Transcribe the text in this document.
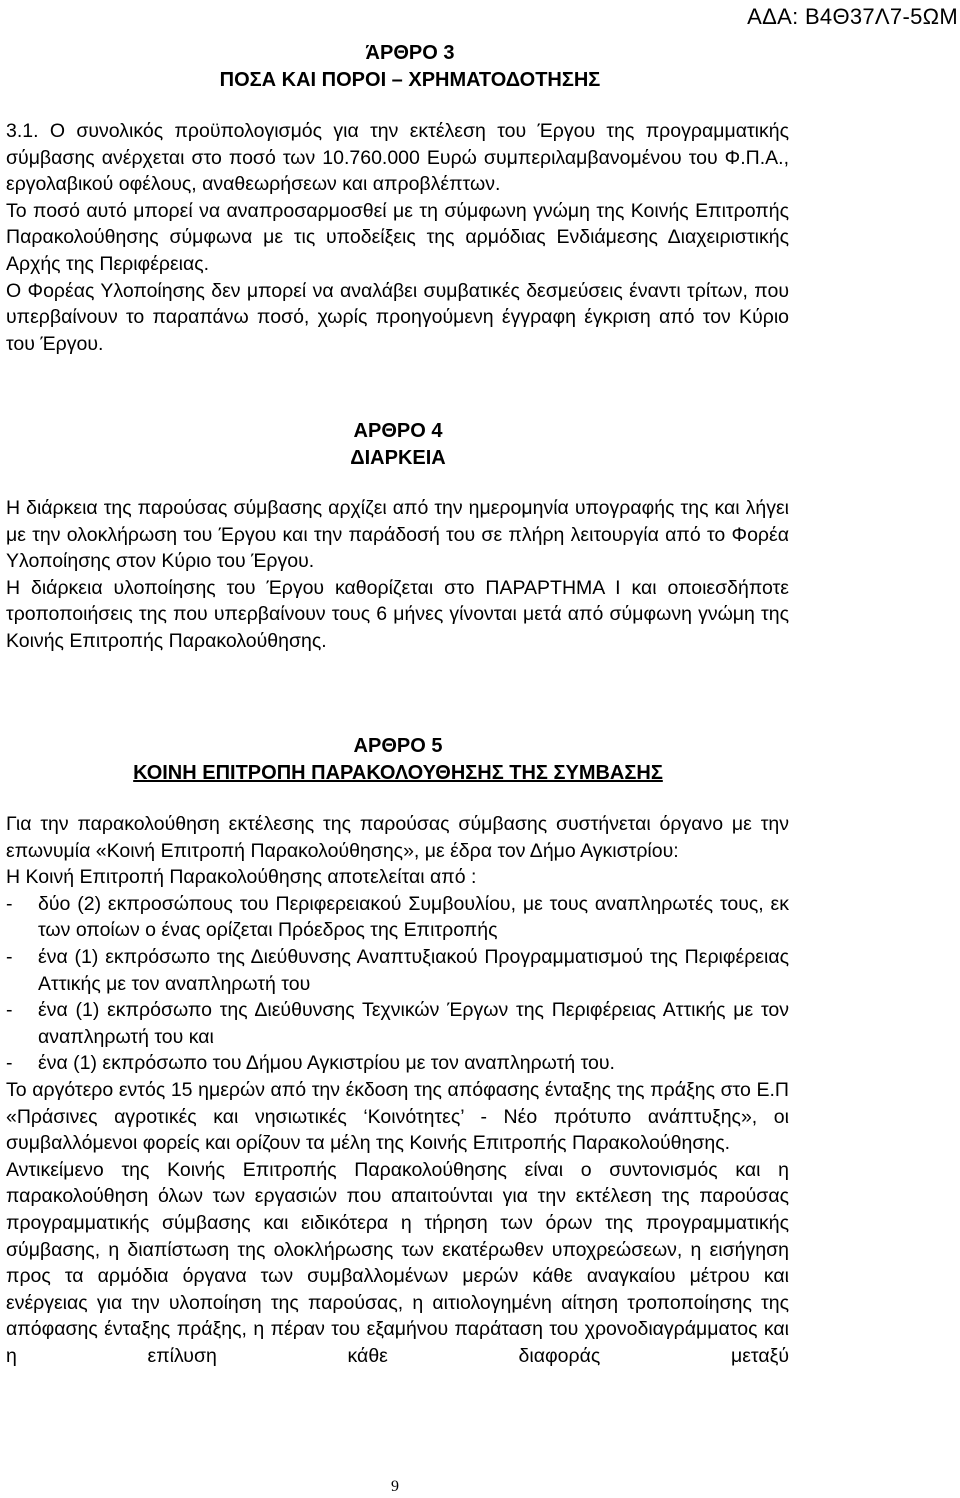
ΑΔΑ: Β4Θ37Λ7-5ΩΜ
ΆΡΘΡΟ 3
ΠΟΣΑ ΚΑΙ ΠΟΡΟΙ – ΧΡΗΜΑΤΟΔΟΤΗΣΗΣ

3.1. Ο συνολικός προϋπολογισμός για την εκτέλεση του Έργου της προγραμματικής σύμβασης ανέρχεται στο ποσό των 10.760.000 Ευρώ συμπεριλαμβανομένου του Φ.Π.Α., εργολαβικού οφέλους, αναθεωρήσεων και απροβλέπτων.

Το ποσό αυτό μπορεί να αναπροσαρμοσθεί με τη σύμφωνη γνώμη της Κοινής Επιτροπής Παρακολούθησης σύμφωνα με τις υποδείξεις της αρμόδιας Ενδιάμεσης Διαχειριστικής Αρχής της Περιφέρειας.

Ο Φορέας Υλοποίησης δεν μπορεί να αναλάβει συμβατικές δεσμεύσεις έναντι τρίτων, που υπερβαίνουν το παραπάνω ποσό, χωρίς προηγούμενη έγγραφη έγκριση από τον Κύριο του Έργου.

ΑΡΘΡΟ 4
ΔΙΑΡΚΕΙΑ

Η διάρκεια της παρούσας σύμβασης αρχίζει από την ημερομηνία υπογραφής της και λήγει με την ολοκλήρωση του Έργου και την παράδοσή του σε πλήρη λειτουργία από το Φορέα Υλοποίησης στον Κύριο του Έργου.

Η διάρκεια υλοποίησης του Έργου καθορίζεται στο ΠΑΡΑΡΤΗΜΑ Ι και οποιεσδήποτε τροποποιήσεις της που υπερβαίνουν τους 6 μήνες γίνονται μετά από σύμφωνη γνώμη της Κοινής Επιτροπής Παρακολούθησης.

ΑΡΘΡΟ 5
ΚΟΙΝΗ ΕΠΙΤΡΟΠΗ ΠΑΡΑΚΟΛΟΥΘΗΣΗΣ ΤΗΣ ΣΥΜΒΑΣΗΣ

Για την παρακολούθηση εκτέλεσης της παρούσας σύμβασης συστήνεται όργανο με την επωνυμία «Κοινή Επιτροπή Παρακολούθησης», με έδρα τον Δήμο Αγκιστρίου:

Η Κοινή Επιτροπή Παρακολούθησης αποτελείται από :

-	δύο (2) εκπροσώπους του Περιφερειακού Συμβουλίου, με τους αναπληρωτές τους, εκ των οποίων ο ένας ορίζεται Πρόεδρος της Επιτροπής
-	ένα (1) εκπρόσωπο της Διεύθυνσης Αναπτυξιακού Προγραμματισμού της Περιφέρειας Αττικής με τον αναπληρωτή του
-	ένα (1) εκπρόσωπο της Διεύθυνσης Τεχνικών Έργων της Περιφέρειας Αττικής με τον αναπληρωτή του και
-	ένα (1) εκπρόσωπο του Δήμου Αγκιστρίου με τον αναπληρωτή του.

Το αργότερο εντός 15 ημερών από την έκδοση της απόφασης ένταξης της πράξης στο Ε.Π «Πράσινες αγροτικές και νησιωτικές ‘Κοινότητες’ - Νέο πρότυπο ανάπτυξης», οι συμβαλλόμενοι φορείς και ορίζουν τα μέλη της Κοινής Επιτροπής Παρακολούθησης.

Αντικείμενο της Κοινής Επιτροπής Παρακολούθησης είναι ο συντονισμός και η παρακολούθηση όλων των εργασιών που απαιτούνται για την εκτέλεση της παρούσας προγραμματικής σύμβασης και ειδικότερα η τήρηση των όρων της προγραμματικής σύμβασης, η διαπίστωση της ολοκλήρωσης των εκατέρωθεν υποχρεώσεων, η εισήγηση προς τα αρμόδια όργανα των συμβαλλομένων μερών κάθε αναγκαίου μέτρου και ενέργειας για την υλοποίηση της παρούσας, η αιτιολογημένη αίτηση τροποποίησης της απόφασης ένταξης πράξης, η πέραν του εξαμήνου παράταση του χρονοδιαγράμματος και η επίλυση κάθε διαφοράς μεταξύ

9
